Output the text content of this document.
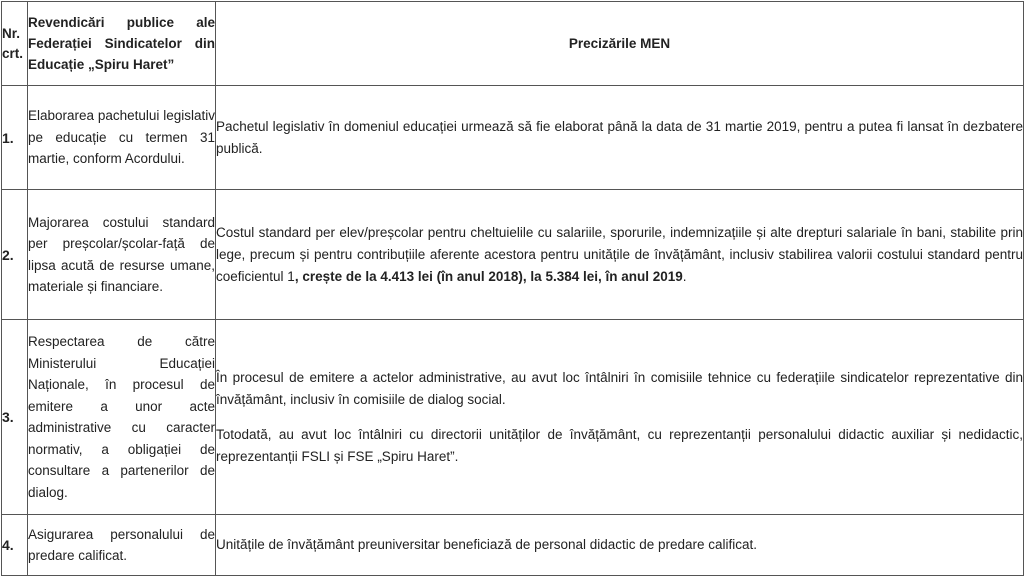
Nr. crt.	Revendicări publice ale Federației Sindicatelor din Educație „Spiru Haret”	Precizările MEN
1.	Elaborarea pachetului legislativ pe educație cu termen 31 martie, conform Acordului.	Pachetul legislativ în domeniul educației urmează să fie elaborat până la data de 31 martie 2019, pentru a putea fi lansat în dezbatere publică.

2.	Majorarea costului standard per preșcolar/școlar-față de lipsa acută de resurse umane, materiale și financiare.	Costul standard per elev/preșcolar pentru cheltuielile cu salariile, sporurile, indemnizațiile și alte drepturi salariale în bani, stabilite prin lege, precum și pentru contribuțiile aferente acestora pentru unitățile de învățământ, inclusiv stabilirea valorii costului standard pentru coeficientul 1, crește de la 4.413 lei (în anul 2018), la 5.384 lei, în anul 2019.

3.	Respectarea de către Ministerului Educației Naționale, în procesul de emitere a unor acte administrative cu caracter normativ, a obligației de consultare a partenerilor de dialog.	În procesul de emitere a actelor administrative, au avut loc întâlniri în comisiile tehnice cu federațiile sindicatelor reprezentative din învățământ, inclusiv în comisiile de dialog social.

Totodată, au avut loc întâlniri cu directorii unităților de învățământ, cu reprezentanții personalului didactic auxiliar și nedidactic, reprezentanții FSLI și FSE „Spiru Haret”.

4.	Asigurarea personalului de predare calificat.	Unitățile de învățământ preuniversitar beneficiază de personal didactic de predare calificat.
